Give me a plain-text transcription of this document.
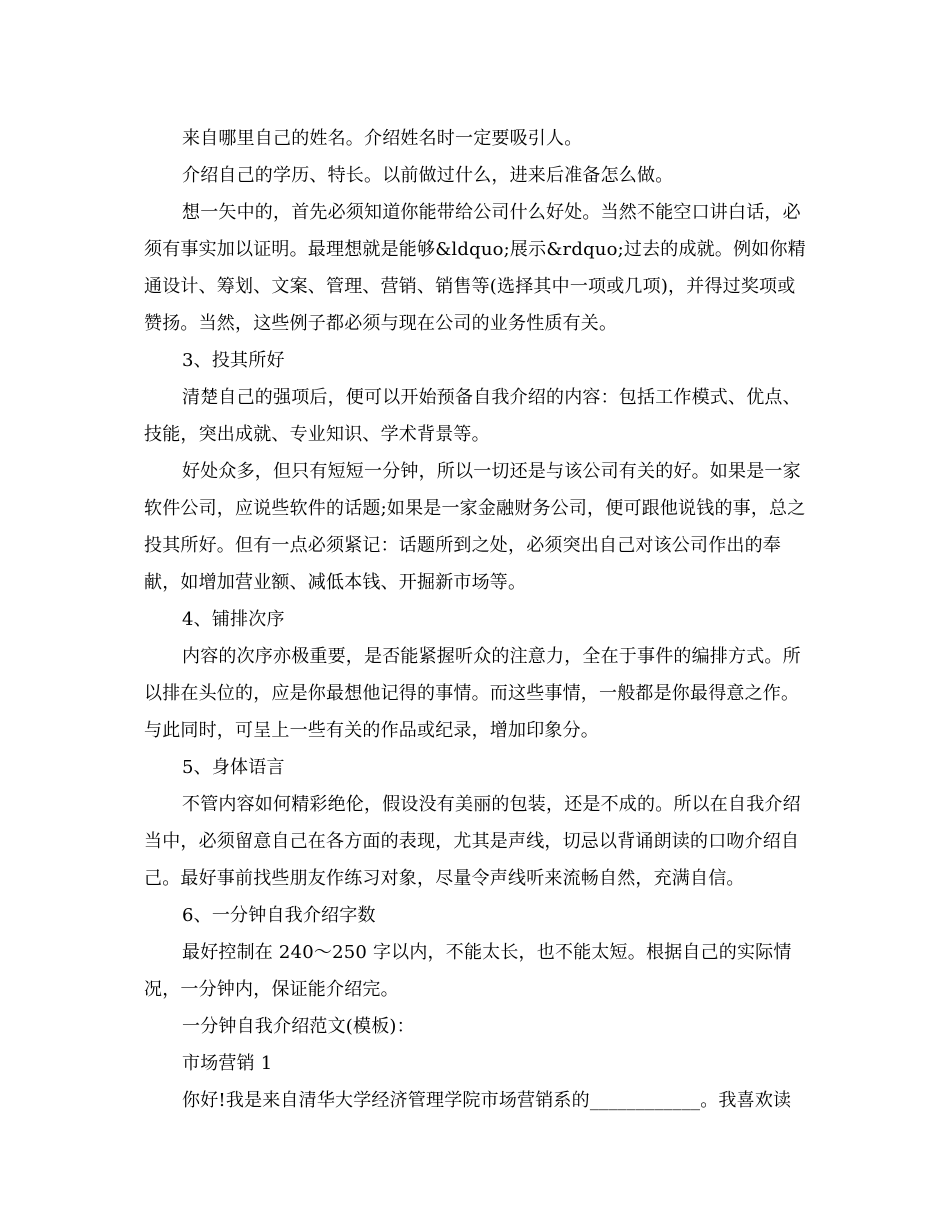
来自哪里自己的姓名。介绍姓名时一定要吸引人。

介绍自己的学历、特长。以前做过什么，进来后准备怎么做。

想一矢中的，首先必须知道你能带给公司什么好处。当然不能空口讲白话，必须有事实加以证明。最理想就是能够&ldquo;展示&rdquo;过去的成就。例如你精通设计、筹划、文案、管理、营销、销售等(选择其中一项或几项)，并得过奖项或赞扬。当然，这些例子都必须与现在公司的业务性质有关。

3、投其所好

清楚自己的强项后，便可以开始预备自我介绍的内容：包括工作模式、优点、技能，突出成就、专业知识、学术背景等。

好处众多，但只有短短一分钟，所以一切还是与该公司有关的好。如果是一家软件公司，应说些软件的话题;如果是一家金融财务公司，便可跟他说钱的事，总之投其所好。但有一点必须紧记：话题所到之处，必须突出自己对该公司作出的奉献，如增加营业额、减低本钱、开掘新市场等。

4、铺排次序

内容的次序亦极重要，是否能紧握听众的注意力，全在于事件的编排方式。所以排在头位的，应是你最想他记得的事情。而这些事情，一般都是你最得意之作。与此同时，可呈上一些有关的作品或纪录，增加印象分。

5、身体语言

不管内容如何精彩绝伦，假设没有美丽的包装，还是不成的。所以在自我介绍当中，必须留意自己在各方面的表现，尤其是声线，切忌以背诵朗读的口吻介绍自己。最好事前找些朋友作练习对象，尽量令声线听来流畅自然，充满自信。

6、一分钟自我介绍字数

最好控制在 240～250 字以内，不能太长，也不能太短。根据自己的实际情况，一分钟内，保证能介绍完。

一分钟自我介绍范文(模板)：

市场营销 1

你好!我是来自清华大学经济管理学院市场营销系的____________。我喜欢读
